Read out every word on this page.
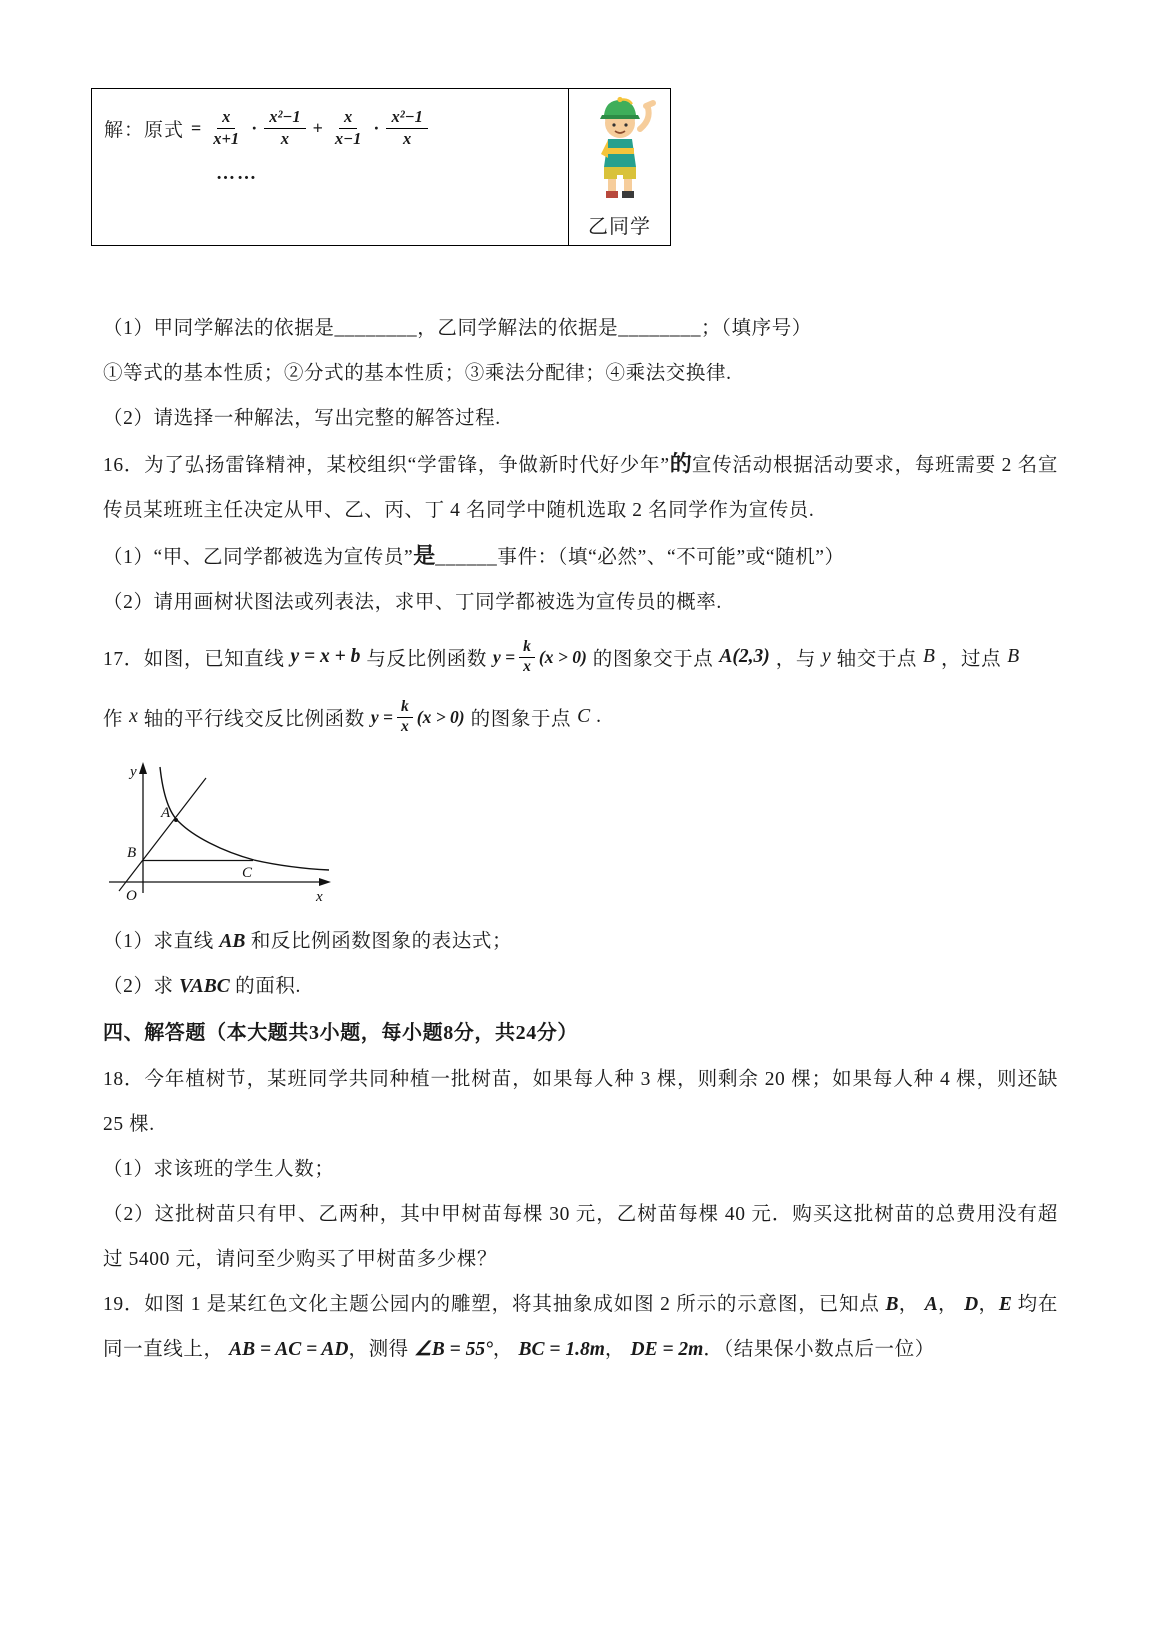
解：原式 = $\frac{x}{x+1} \cdot \frac{\text{x²−1}}{x} + \frac{x}{x-1} \cdot \frac{\text{x²−1}}{x}$
……
乙同学

（1）甲同学解法的依据是________，乙同学解法的依据是________；（填序号）

①等式的基本性质；②分式的基本性质；③乘法分配律；④乘法交换律.

（2）请选择一种解法，写出完整的解答过程.

16．为了弘扬雷锋精神，某校组织“学雷锋，争做新时代好少年”的宣传活动根据活动要求，每班需要 2 名宣传员某班班主任决定从甲、乙、丙、丁 4 名同学中随机选取 2 名同学作为宣传员.

（1）“甲、乙同学都被选为宣传员”是______事件：（填“必然”、“不可能”或“随机”）

（2）请用画树状图法或列表法，求甲、丁同学都被选为宣传员的概率.

17．如图，已知直线 y = x + b 与反比例函数 $y = \frac{k}{x} (x > 0)$ 的图象交于点 A(2,3) ，与 y 轴交于点 B ，过点 B
作 x 轴的平行线交反比例函数 $y = \frac{k}{x} (x > 0)$ 的图象于点 C .
y
x
O
A
B
C

（1）求直线 AB 和反比例函数图象的表达式；

（2）求 VABC 的面积.

四、解答题（本大题共3小题，每小题8分，共24分）

18．今年植树节，某班同学共同种植一批树苗，如果每人种 3 棵，则剩余 20 棵；如果每人种 4 棵，则还缺 25 棵.

（1）求该班的学生人数；

（2）这批树苗只有甲、乙两种，其中甲树苗每棵 30 元，乙树苗每棵 40 元．购买这批树苗的总费用没有超过 5400 元，请问至少购买了甲树苗多少棵？

19．如图 1 是某红色文化主题公园内的雕塑，将其抽象成如图 2 所示的示意图，已知点 B， A， D，E 均在同一直线上， AB = AC = AD，测得 ∠B = 55°， BC = 1.8m， DE = 2m．（结果保小数点后一位）
